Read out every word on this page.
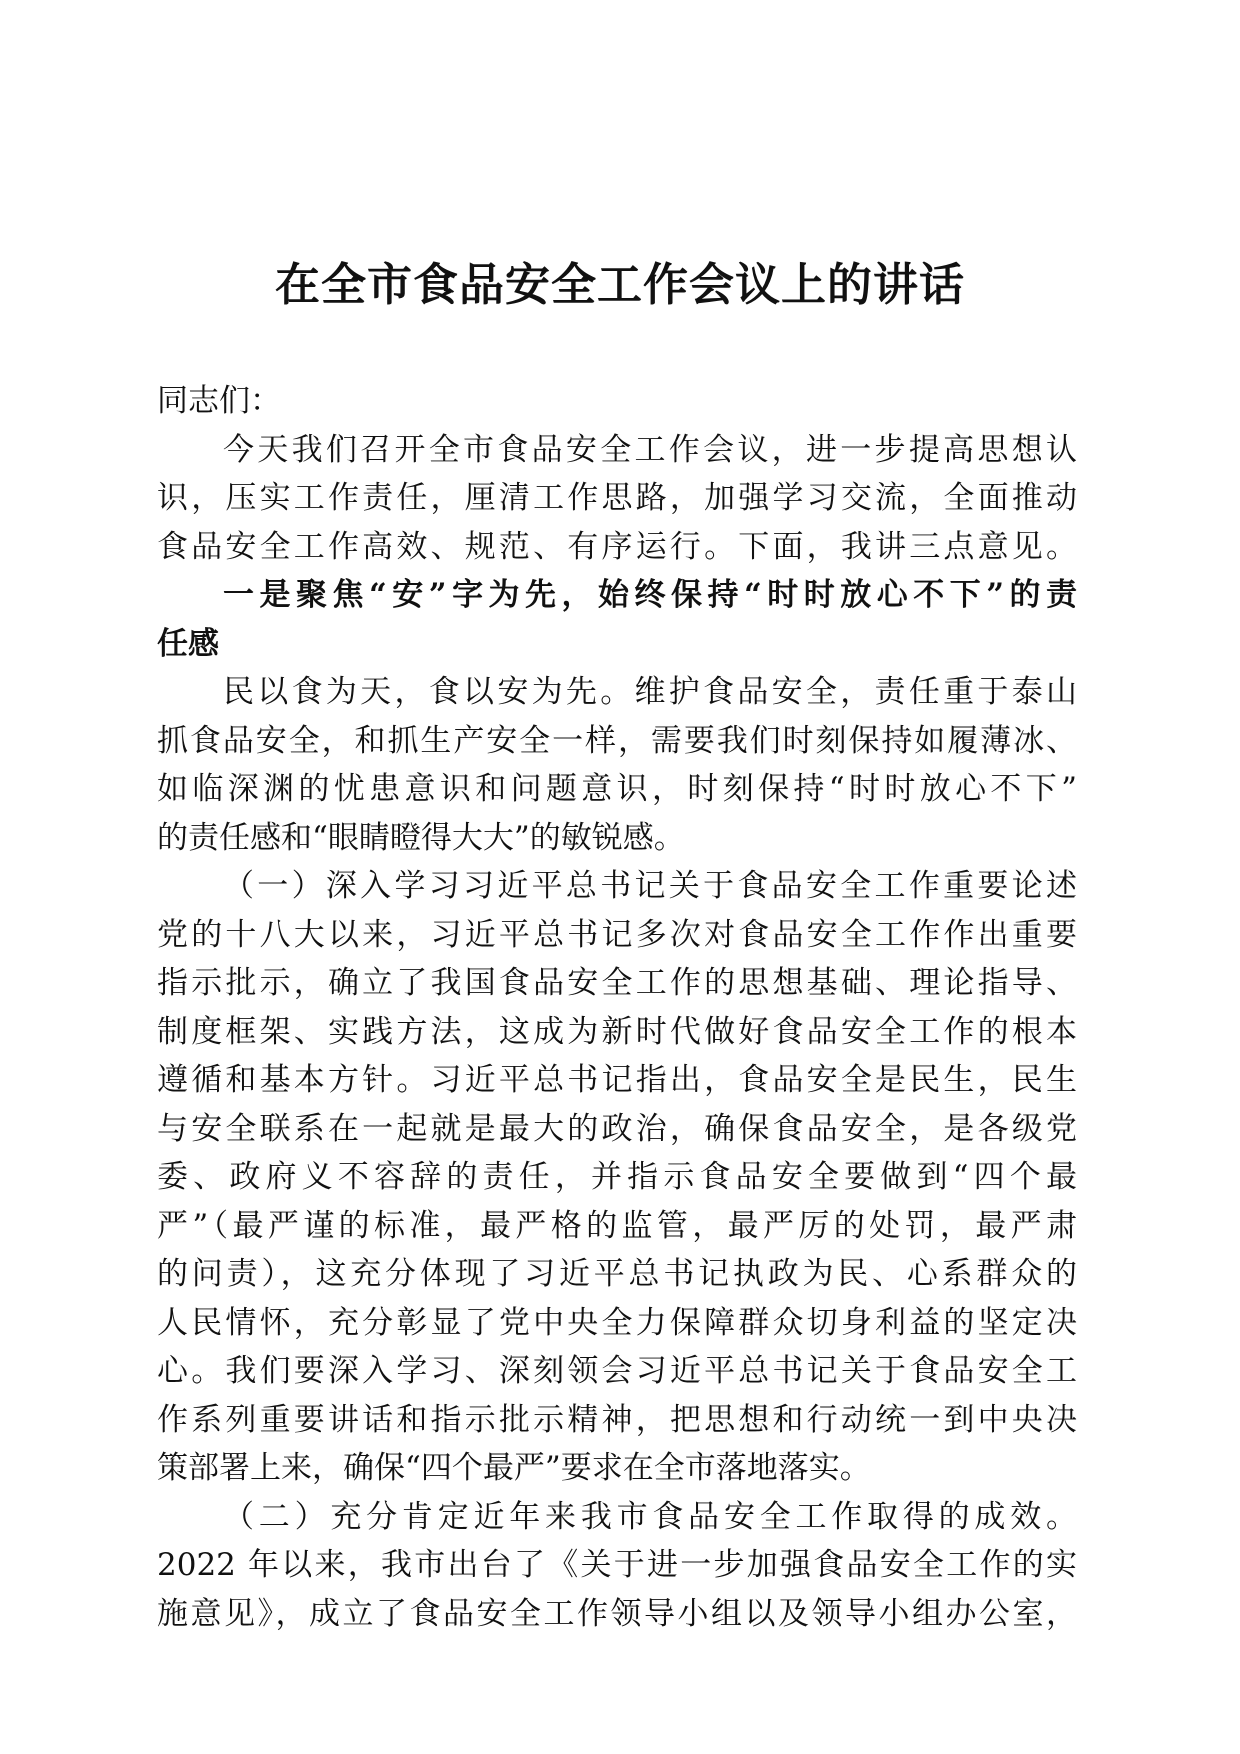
在全市食品安全工作会议上的讲话
同志们：
今天我们召开全市食品安全工作会议，进一步提高思想认
识，压实工作责任，厘清工作思路，加强学习交流，全面推动
食品安全工作高效、规范、有序运行。下面，我讲三点意见。
一是聚焦“安”字为先，始终保持“时时放心不下”的责
任感
民以食为天，食以安为先。维护食品安全，责任重于泰山
抓食品安全，和抓生产安全一样，需要我们时刻保持如履薄冰、
如临深渊的忧患意识和问题意识，时刻保持“时时放心不下”
的责任感和“眼睛瞪得大大”的敏锐感。
（一）深入学习习近平总书记关于食品安全工作重要论述
党的十八大以来，习近平总书记多次对食品安全工作作出重要
指示批示，确立了我国食品安全工作的思想基础、理论指导、
制度框架、实践方法，这成为新时代做好食品安全工作的根本
遵循和基本方针。习近平总书记指出，食品安全是民生，民生
与安全联系在一起就是最大的政治，确保食品安全，是各级党
委、政府义不容辞的责任，并指示食品安全要做到“四个最
严”（最严谨的标准，最严格的监管，最严厉的处罚，最严肃
的问责），这充分体现了习近平总书记执政为民、心系群众的
人民情怀，充分彰显了党中央全力保障群众切身利益的坚定决
心。我们要深入学习、深刻领会习近平总书记关于食品安全工
作系列重要讲话和指示批示精神，把思想和行动统一到中央决
策部署上来，确保“四个最严”要求在全市落地落实。
（二）充分肯定近年来我市食品安全工作取得的成效。
2022 年以来，我市出台了《关于进一步加强食品安全工作的实
施意见》，成立了食品安全工作领导小组以及领导小组办公室，
